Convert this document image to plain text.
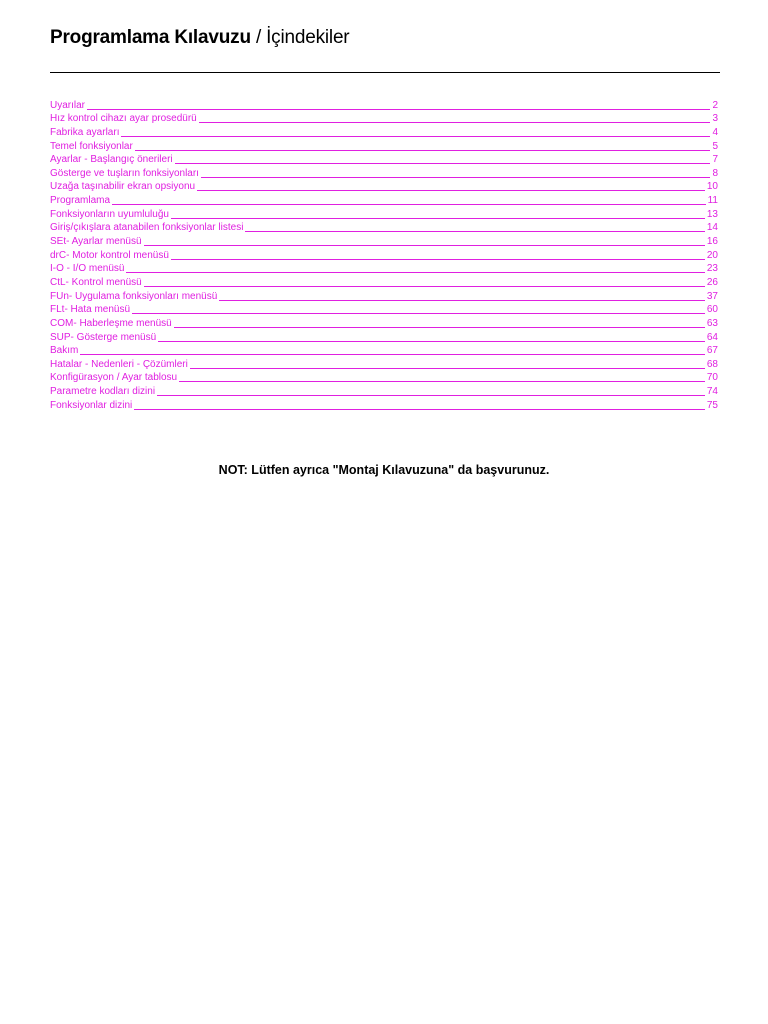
Programlama Kılavuzu / İçindekiler
Uyarılar	2
Hız kontrol cihazı ayar prosedürü	3
Fabrika ayarları	4
Temel fonksiyonlar	5
Ayarlar - Başlangıç önerileri	7
Gösterge ve tuşların fonksiyonları	8
Uzağa taşınabilir ekran opsiyonu	10
Programlama	11
Fonksiyonların uyumluluğu	13
Giriş/çıkışlara atanabilen fonksiyonlar listesi	14
SEt- Ayarlar menüsü	16
drC- Motor kontrol menüsü	20
I-O - I/O menüsü	23
CtL- Kontrol menüsü	26
FUn- Uygulama fonksiyonları menüsü	37
FLt- Hata menüsü	60
COM- Haberleşme menüsü	63
SUP- Gösterge menüsü	64
Bakım	67
Hatalar - Nedenleri - Çözümleri	68
Konfigürasyon / Ayar tablosu	70
Parametre kodları dizini	74
Fonksiyonlar dizini	75
NOT: Lütfen ayrıca "Montaj Kılavuzuna" da başvurunuz.
